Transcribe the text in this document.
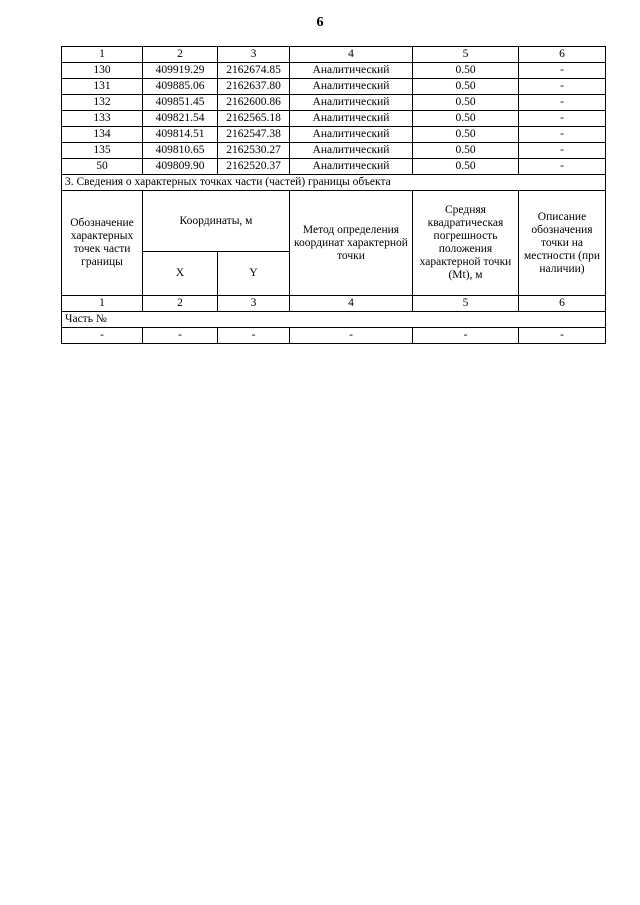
6
1	2	3	4	5	6
130	409919.29	2162674.85	Аналитический	0.50	-
131	409885.06	2162637.80	Аналитический	0.50	-
132	409851.45	2162600.86	Аналитический	0.50	-
133	409821.54	2162565.18	Аналитический	0.50	-
134	409814.51	2162547.38	Аналитический	0.50	-
135	409810.65	2162530.27	Аналитический	0.50	-
50	409809.90	2162520.37	Аналитический	0.50	-
3. Сведения о характерных точках части (частей) границы объекта					
Обозначение характерных точек части границы	Координаты, м		Метод определения координат характерной точки	Средняя квадратическая погрешность положения характерной точки (Mt), м	Описание обозначения точки на местности (при наличии)
	X	Y			
1	2	3	4	5	6
Часть №					
-	-	-	-	-	-
